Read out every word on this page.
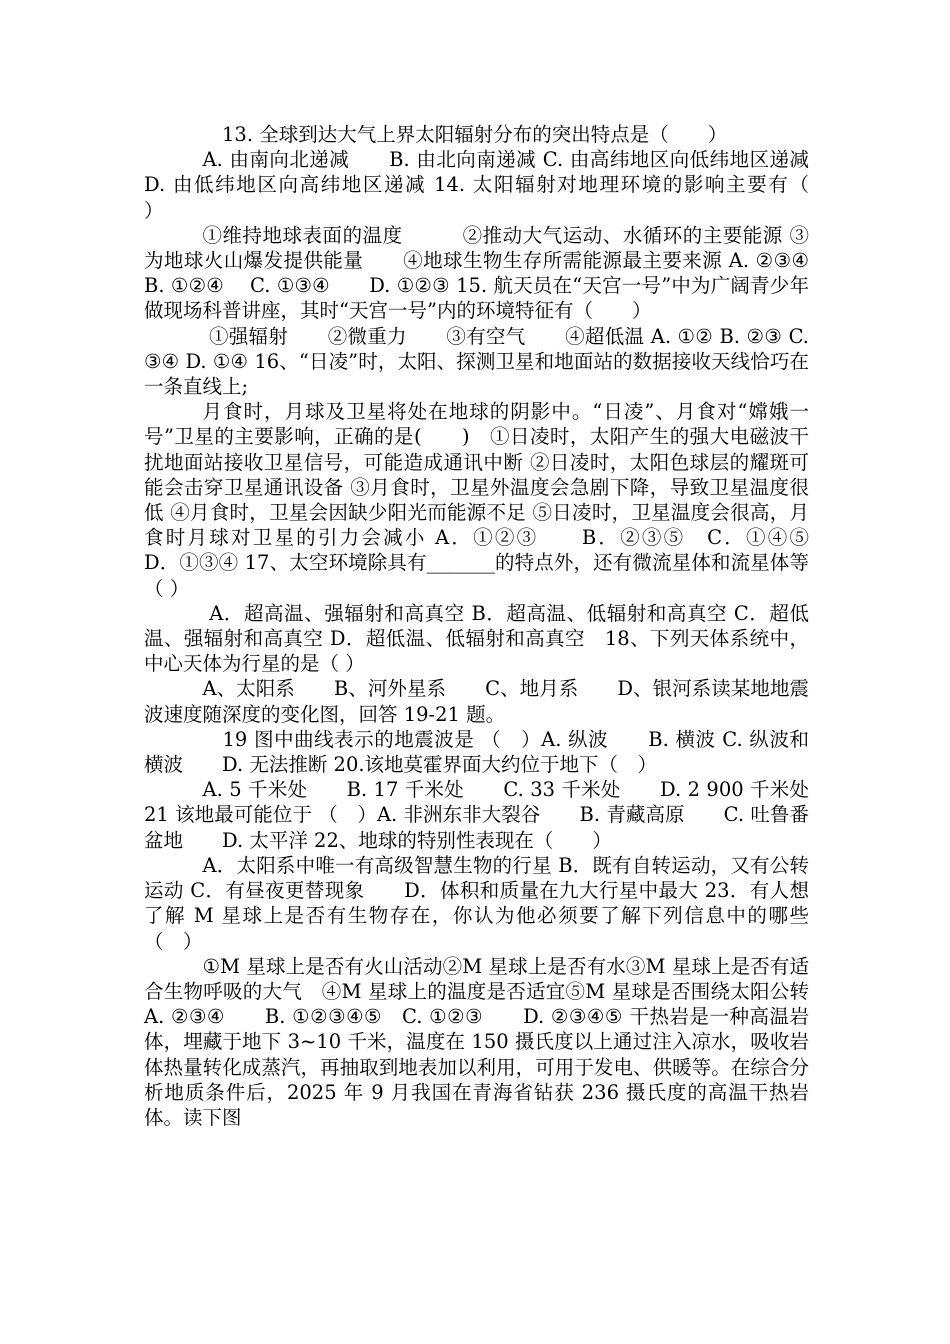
　13. 全球到达大气上界太阳辐射分布的突出特点是（　　）

A. 由南向北递减　　B. 由北向南递减 C. 由高纬地区向低纬地区递减　　D. 由低纬地区向高纬地区递减 14. 太阳辐射对地理环境的影响主要有（　　）

①维持地球表面的温度　　　②推动大气运动、水循环的主要能源 ③为地球火山爆发提供能量　　④地球生物生存所需能源最主要来源 A. ②③④　　B. ①②④　 C. ①③④　　D. ①②③ 15. 航天员在“天宫一号”中为广阔青少年做现场科普讲座，其时“天宫一号”内的环境特征有（　　）

①强辐射　　②微重力　　③有空气　　④超低温 A. ①② B. ②③ C. ③④ D. ①④ 16、“日凌”时，太阳、探测卫星和地面站的数据接收天线恰巧在一条直线上;

月食时，月球及卫星将处在地球的阴影中。“日凌”、月食对“嫦娥一号”卫星的主要影响，正确的是(　　)　①日凌时，太阳产生的强大电磁波干扰地面站接收卫星信号，可能造成通讯中断 ②日凌时，太阳色球层的耀斑可能会击穿卫星通讯设备 ③月食时，卫星外温度会急剧下降，导致卫星温度很低 ④月食时，卫星会因缺少阳光而能源不足 ⑤日凌时，卫星温度会很高，月食时月球对卫星的引力会减小 A．①②③　　B．②③⑤　C．①④⑤　　D．①③④ 17、太空环境除具有_______的特点外，还有微流星体和流星体等（ ）

A．超高温、强辐射和高真空 B．超高温、低辐射和高真空 C．超低温、强辐射和高真空 D．超低温、低辐射和高真空　18、下列天体系统中，中心天体为行星的是（ ）

A、太阳系　　B、河外星系　　C、地月系　　D、银河系读某地地震波速度随深度的变化图，回答 19-21 题。

　19 图中曲线表示的地震波是 （　）A. 纵波　　B. 横波 C. 纵波和横波　　D. 无法推断 20.该地莫霍界面大约位于地下（　）

A. 5 千米处　　B. 17 千米处　　C. 33 千米处　　D. 2 900 千米处 21 该地最可能位于 （　）A. 非洲东非大裂谷　　B. 青藏高原　　C. 吐鲁番盆地　　D. 太平洋 22、地球的特别性表现在（　　）

A．太阳系中唯一有高级智慧生物的行星 B．既有自转运动，又有公转运动 C．有昼夜更替现象　　D．体积和质量在九大行星中最大 23．有人想了解 M 星球上是否有生物存在，你认为他必须要了解下列信息中的哪些（　）

①M 星球上是否有火山活动②M 星球上是否有水③M 星球上是否有适合生物呼吸的大气　④M 星球上的温度是否适宜⑤M 星球是否围绕太阳公转 A. ②③④　　B. ①②③④⑤　C. ①②③　　D. ②③④⑤ 干热岩是一种高温岩体，埋藏于地下 3~10 千米，温度在 150 摄氏度以上通过注入凉水，吸收岩体热量转化成蒸汽，再抽取到地表加以利用，可用于发电、供暖等。在综合分析地质条件后，2025 年 9 月我国在青海省钻获 236 摄氏度的高温干热岩体。读下图
